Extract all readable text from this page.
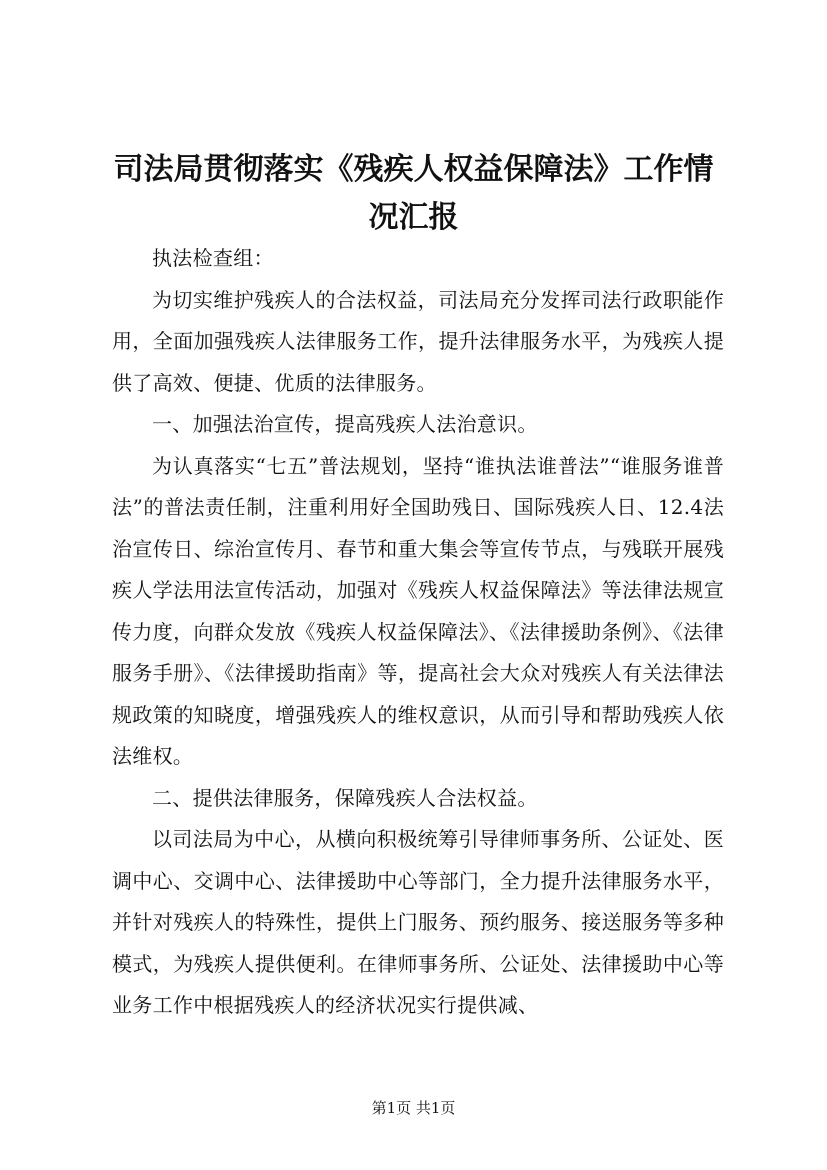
司法局贯彻落实《残疾人权益保障法》工作情况汇报

执法检查组：

为切实维护残疾人的合法权益，司法局充分发挥司法行政职能作用，全面加强残疾人法律服务工作，提升法律服务水平，为残疾人提供了高效、便捷、优质的法律服务。

一、加强法治宣传，提高残疾人法治意识。

为认真落实“七五”普法规划，坚持“谁执法谁普法”“谁服务谁普法”的普法责任制，注重利用好全国助残日、国际残疾人日、12.4法治宣传日、综治宣传月、春节和重大集会等宣传节点，与残联开展残疾人学法用法宣传活动，加强对《残疾人权益保障法》等法律法规宣传力度，向群众发放《残疾人权益保障法》、《法律援助条例》、《法律服务手册》、《法律援助指南》等，提高社会大众对残疾人有关法律法规政策的知晓度，增强残疾人的维权意识，从而引导和帮助残疾人依法维权。

二、提供法律服务，保障残疾人合法权益。

以司法局为中心，从横向积极统筹引导律师事务所、公证处、医调中心、交调中心、法律援助中心等部门，全力提升法律服务水平，并针对残疾人的特殊性，提供上门服务、预约服务、接送服务等多种模式，为残疾人提供便利。在律师事务所、公证处、法律援助中心等业务工作中根据残疾人的经济状况实行提供减、

第1页 共1页
